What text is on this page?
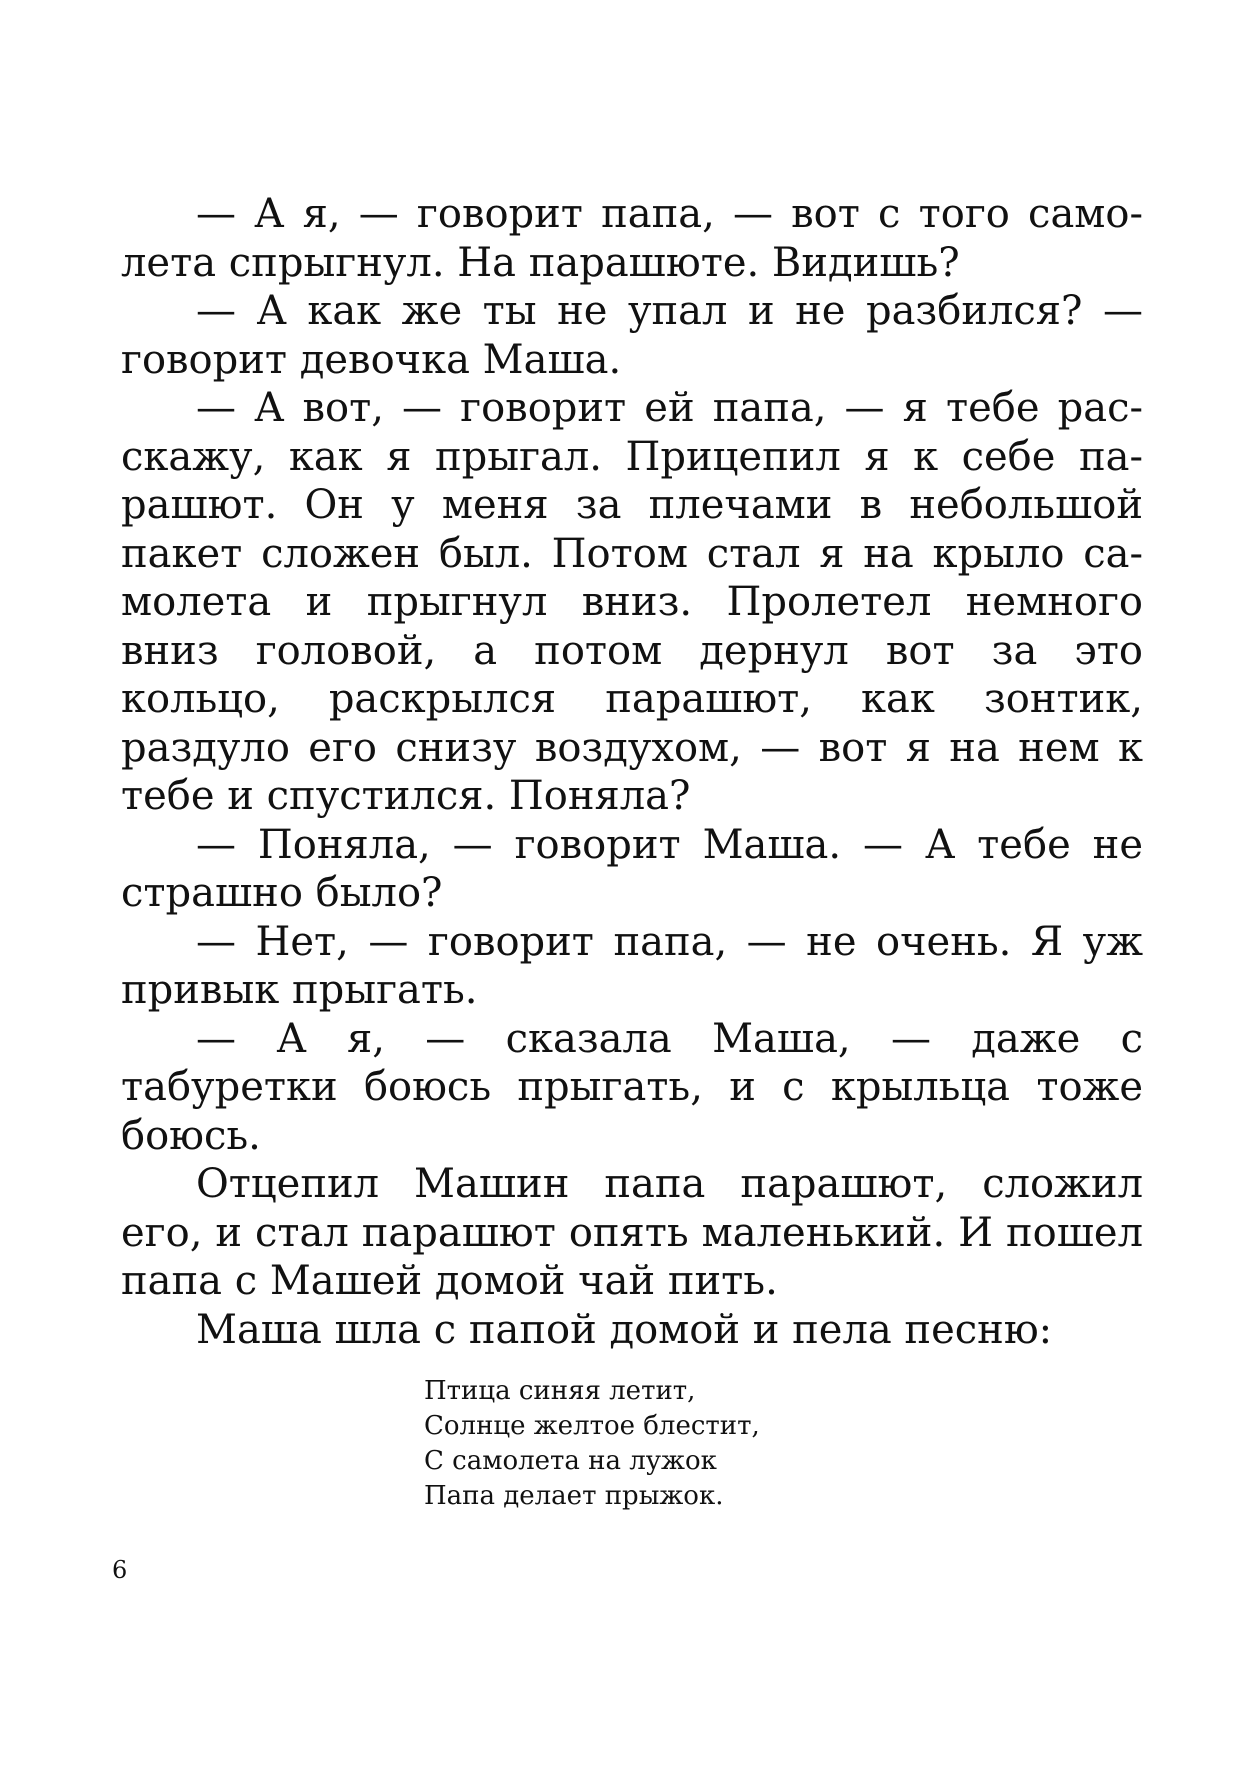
— А я, — говорит папа, — вот с того самолета спрыгнул. На парашюте. Видишь?

— А как же ты не упал и не разбился? — говорит девочка Маша.

— А вот, — говорит ей папа, — я тебе расскажу, как я прыгал. Прицепил я к себе парашют. Он у меня за плечами в небольшой пакет сложен был. Потом стал я на крыло самолета и прыгнул вниз. Пролетел немного вниз головой, а потом дернул вот за это кольцо, раскрылся парашют, как зонтик, раздуло его снизу воздухом, — вот я на нем к тебе и спустился. Поняла?

— Поняла, — говорит Маша. — А тебе не страшно было?

— Нет, — говорит папа, — не очень. Я уж привык прыгать.

— А я, — сказала Маша, — даже с табуретки боюсь прыгать, и с крыльца тоже боюсь.

Отцепил Машин папа парашют, сложил его, и стал парашют опять маленький. И пошел папа с Машей домой чай пить.

Маша шла с папой домой и пела песню:

Птица синяя летит,
Солнце желтое блестит,
С самолета на лужок
Папа делает прыжок.
6
